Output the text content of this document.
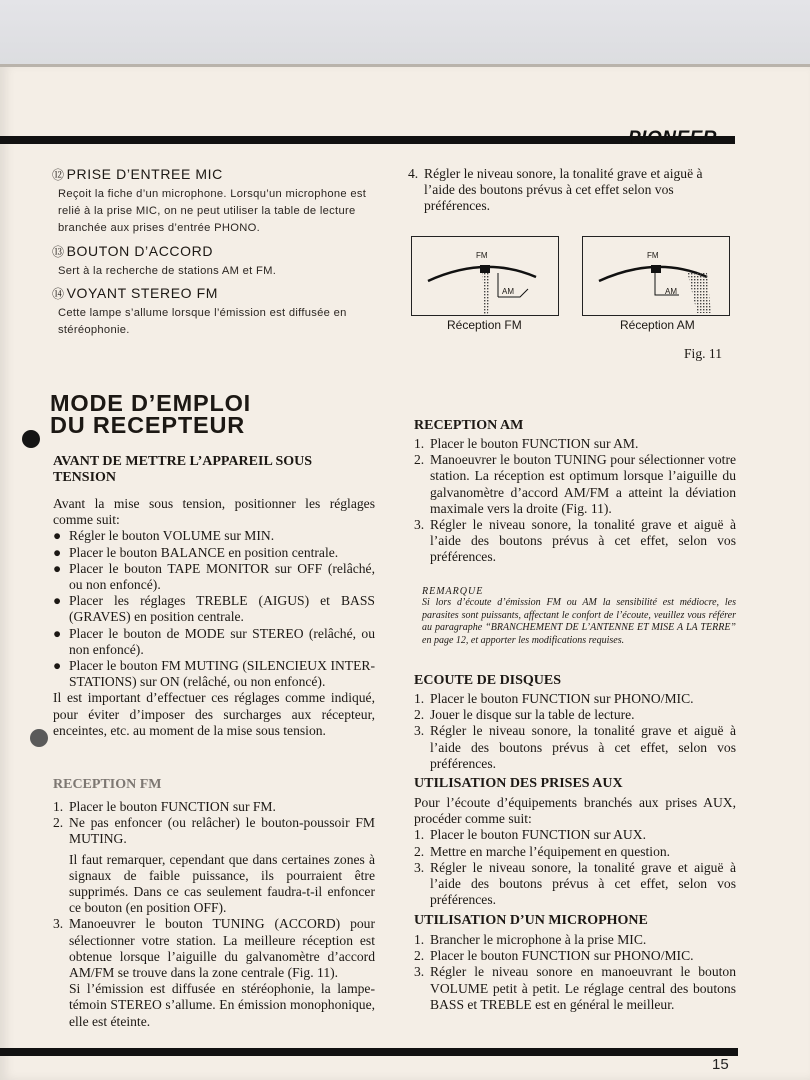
PIONEER
⑫ PRISE D’ENTREE MIC

Reçoit la fiche d’un microphone. Lorsqu’un microphone est relié à la prise MIC, on ne peut utiliser la table de lecture branchée aux prises d’entrée PHONO.

⑬ BOUTON D’ACCORD

Sert à la recherche de stations AM et FM.

⑭ VOYANT STEREO FM

Cette lampe s’allume lorsque l’émission est diffusée en stéréophonie.

MODE D’EMPLOI
DU RECEPTEUR
AVANT DE METTRE L’APPAREIL SOUS TENSION

Avant la mise sous tension, positionner les réglages comme suit:

● Régler le bouton VOLUME sur MIN.
● Placer le bouton BALANCE en position centrale.
● Placer le bouton TAPE MONITOR sur OFF (relâché, ou non enfoncé).
● Placer les réglages TREBLE (AIGUS) et BASS (GRAVES) en position centrale.
● Placer le bouton de MODE sur STEREO (relâché, ou non enfoncé).
● Placer le bouton FM MUTING (SILENCIEUX INTER-STATIONS) sur ON (relâché, ou non enfoncé).

Il est important d’effectuer ces réglages comme indiqué, pour éviter d’imposer des surcharges aux récepteur, enceintes, etc. au moment de la mise sous tension.

RECEPTION FM
1. Placer le bouton FUNCTION sur FM.
2. Ne pas enfoncer (ou relâcher) le bouton-poussoir FM MUTING.

Il faut remarquer, cependant que dans certaines zones à signaux de faible puissance, ils pourraient être supprimés. Dans ce cas seulement faudra-t-il enfoncer ce bouton (en position OFF).

3. Manoeuvrer le bouton TUNING (ACCORD) pour sélectionner votre station. La meilleure réception est obtenue lorsque l’aiguille du galvanomètre d’accord AM/FM se trouve dans la zone centrale (Fig. 11).

Si l’émission est diffusée en stéréophonie, la lampe-témoin STEREO s’allume. En émission monophonique, elle est éteinte.

4. Régler le niveau sonore, la tonalité grave et aiguë à l’aide des boutons prévus à cet effet selon vos préférences.
FM
AM
FM
AM
Réception FM	Réception AM
Fig. 11
RECEPTION AM
1. Placer le bouton FUNCTION sur AM.
2. Manoeuvrer le bouton TUNING pour sélectionner votre station. La réception est optimum lorsque l’aiguille du galvanomètre d’accord AM/FM a atteint la déviation maximale vers la droite (Fig. 11).
3. Régler le niveau sonore, la tonalité grave et aiguë à l’aide des boutons prévus à cet effet, selon vos préférences.

REMARQUE

Si lors d’écoute d’émission FM ou AM la sensibilité est médiocre, les parasites sont puissants, affectant le confort de l’écoute, veuillez vous référer au paragraphe “BRANCHEMENT DE L’ANTENNE ET MISE A LA TERRE” en page 12, et apporter les modifications requises.

ECOUTE DE DISQUES
1. Placer le bouton FUNCTION sur PHONO/MIC.
2. Jouer le disque sur la table de lecture.
3. Régler le niveau sonore, la tonalité grave et aiguë à l’aide des boutons prévus à cet effet, selon vos préférences.
UTILISATION DES PRISES AUX

Pour l’écoute d’équipements branchés aux prises AUX, procéder comme suit:

1. Placer le bouton FUNCTION sur AUX.
2. Mettre en marche l’équipement en question.
3. Régler le niveau sonore, la tonalité grave et aiguë à l’aide des boutons prévus à cet effet, selon vos préférences.
UTILISATION D’UN MICROPHONE
1. Brancher le microphone à la prise MIC.
2. Placer le bouton FUNCTION sur PHONO/MIC.
3. Régler le niveau sonore en manoeuvrant le bouton VOLUME petit à petit. Le réglage central des boutons BASS et TREBLE est en général le meilleur.
15
